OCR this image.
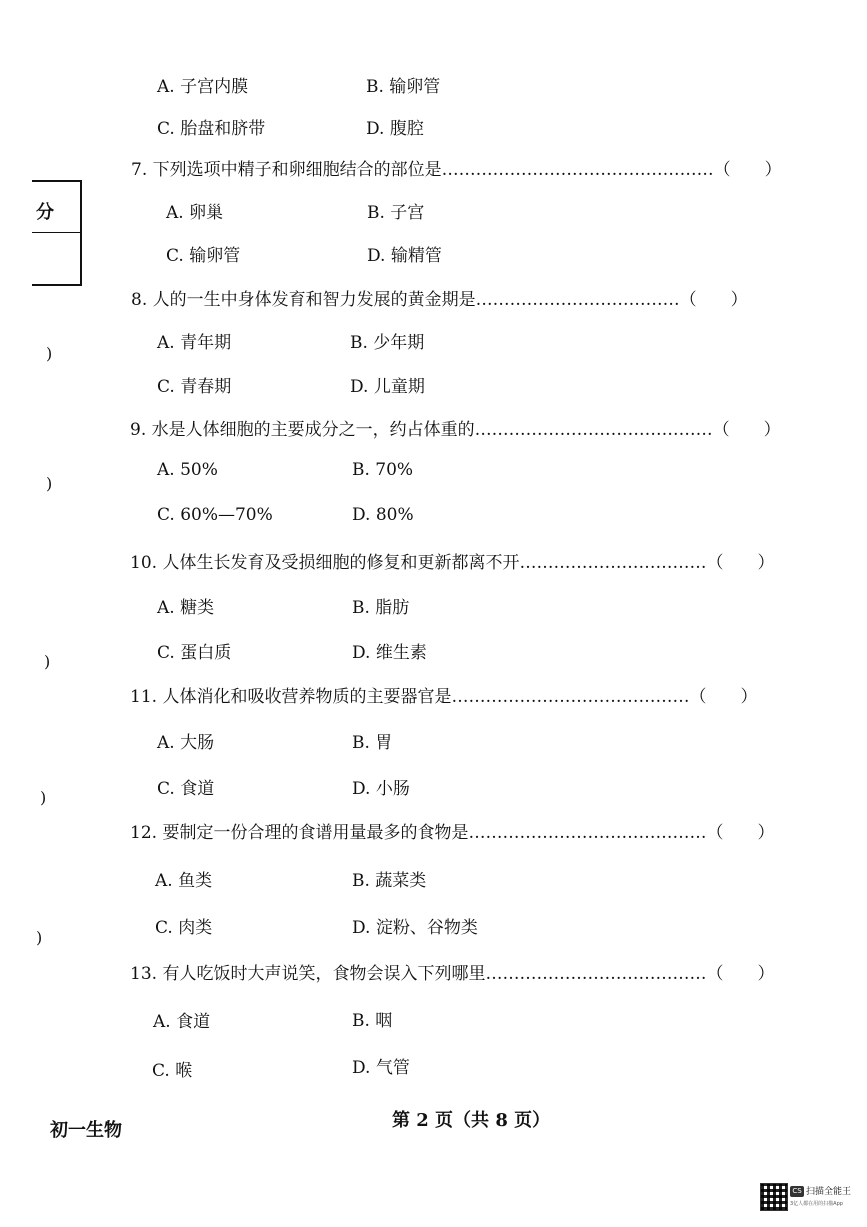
分
)
)
)
)
)
A. 子宫内膜	B. 输卵管
C. 胎盘和脐带	D. 腹腔
7. 下列选项中精子和卵细胞结合的部位是…………………………………………（　　）
A. 卵巢	B. 子宫
C. 输卵管	D. 输精管
8. 人的一生中身体发育和智力发展的黄金期是………………………………（　　）
A. 青年期	B. 少年期
C. 青春期	D. 儿童期
9. 水是人体细胞的主要成分之一，约占体重的……………………………………（　　）
A. 50%	B. 70%
C. 60%—70%	D. 80%
10. 人体生长发育及受损细胞的修复和更新都离不开……………………………（　　）
A. 糖类	B. 脂肪
C. 蛋白质	D. 维生素
11. 人体消化和吸收营养物质的主要器官是……………………………………（　　）
A. 大肠	B. 胃
C. 食道	D. 小肠
12. 要制定一份合理的食谱用量最多的食物是……………………………………（　　）
A. 鱼类	B. 蔬菜类
C. 肉类	D. 淀粉、谷物类
13. 有人吃饭时大声说笑，食物会误入下列哪里…………………………………（　　）
A. 食道	B. 咽
C. 喉	D. 气管
初一生物	第 2 页（共 8 页）
CS 扫描全能王
3亿人都在用的扫描App
